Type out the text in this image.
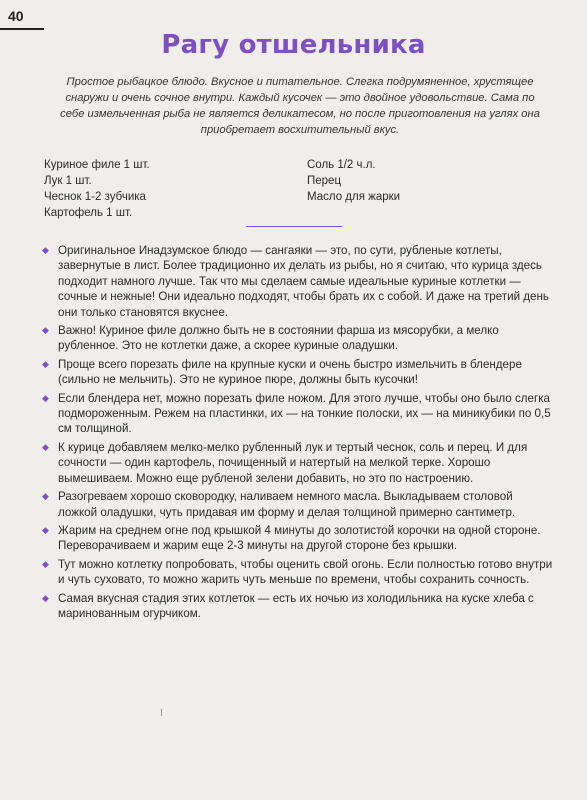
40
Рагу отшельника
Простое рыбацкое блюдо. Вкусное и питательное. Слегка подрумяненное, хрустящее снаружи и очень сочное внутри. Каждый кусочек — это двойное удовольствие. Сама по себе измельченная рыба не является деликатесом, но после приготовления на углях она приобретает восхитительный вкус.
Куриное филе 1 шт.
Лук 1 шт.
Чеснок 1-2 зубчика
Картофель 1 шт.
Соль 1/2 ч.л.
Перец
Масло для жарки
◆ Оригинальное Инадзумское блюдо — сангаяки — это, по сути, рубленые котлеты, завернутые в лист. Более традиционно их делать из рыбы, но я считаю, что курица здесь подходит намного лучше. Так что мы сделаем самые идеальные куриные котлетки — сочные и нежные! Они идеально подходят, чтобы брать их с собой. И даже на третий день они только становятся вкуснее.
◆ Важно! Куриное филе должно быть не в состоянии фарша из мясорубки, а мелко рубленное. Это не котлетки даже, а скорее куриные оладушки.
◆ Проще всего порезать филе на крупные куски и очень быстро измельчить в блендере (сильно не мельчить). Это не куриное пюре, должны быть кусочки!
◆ Если блендера нет, можно порезать филе ножом. Для этого лучше, чтобы оно было слегка подмороженным. Режем на пластинки, их — на тонкие полоски, их — на миникубики по 0,5 см толщиной.
◆ К курице добавляем мелко-мелко рубленный лук и тертый чеснок, соль и перец. И для сочности — один картофель, почищенный и натертый на мелкой терке. Хорошо вымешиваем. Можно еще рубленой зелени добавить, но это по настроению.
◆ Разогреваем хорошо сковородку, наливаем немного масла. Выкладываем столовой ложкой оладушки, чуть придавая им форму и делая толщиной примерно сантиметр.
◆ Жарим на среднем огне под крышкой 4 минуты до золотистой корочки на одной стороне. Переворачиваем и жарим еще 2-3 минуты на другой стороне без крышки.
◆ Тут можно котлетку попробовать, чтобы оценить свой огонь. Если полностью готово внутри и чуть суховато, то можно жарить чуть меньше по времени, чтобы сохранить сочность.
◆ Самая вкусная стадия этих котлеток — есть их ночью из холодильника на куске хлеба с маринованным огурчиком.
